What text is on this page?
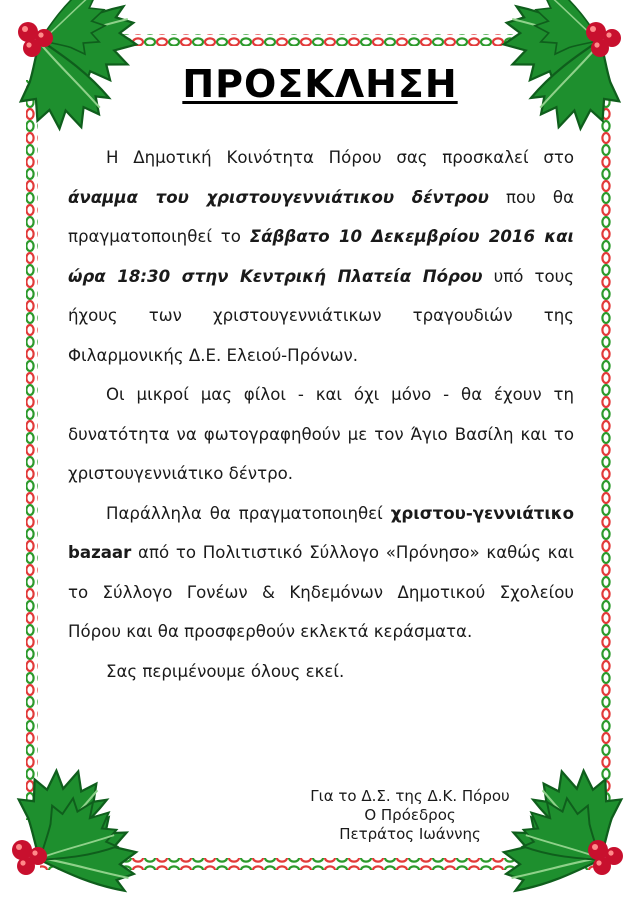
ΠΡΟΣΚΛΗΣΗ

Η Δημοτική Κοινότητα Πόρου σας προσκαλεί στο άναμμα του χριστουγεννιάτικου δέντρου που θα πραγματοποιηθεί το Σάββατο 10 Δεκεμβρίου 2016 και ώρα 18:30 στην Κεντρική Πλατεία Πόρου υπό τους ήχους των χριστουγεννιάτικων τραγουδιών της Φιλαρμονικής Δ.Ε. Ελειού-Πρόνων.

Οι μικροί μας φίλοι - και όχι μόνο - θα έχουν τη δυνατότητα να φωτογραφηθούν με τον Άγιο Βασίλη και το χριστουγεννιάτικο δέντρο.

Παράλληλα θα πραγματοποιηθεί χριστου-γεννιάτικο bazaar από το Πολιτιστικό Σύλλογο «Πρόνησο» καθώς και το Σύλλογο Γονέων & Κηδεμόνων Δημοτικού Σχολείου Πόρου και θα προσφερθούν εκλεκτά κεράσματα.

Σας περιμένουμε όλους εκεί.

Για το Δ.Σ. της Δ.Κ. Πόρου
Ο Πρόεδρος
Πετράτος Ιωάννης
